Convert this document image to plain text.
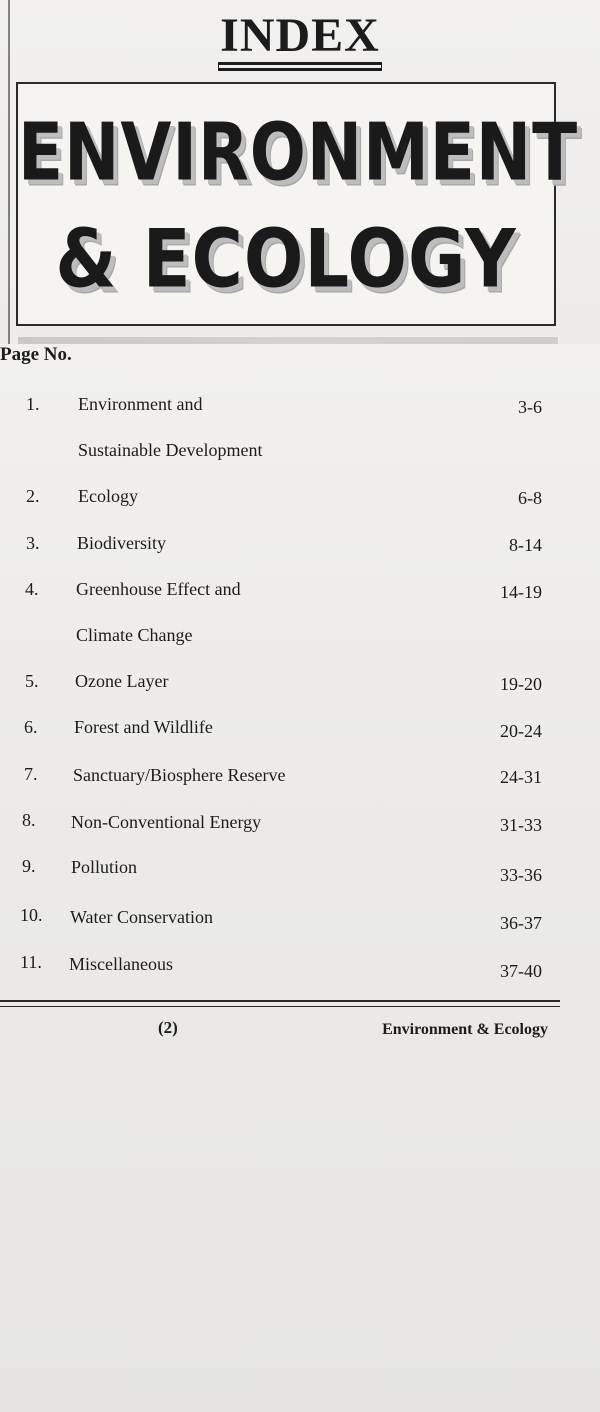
INDEX
ENVIRONMENT
& ECOLOGY
Page No.
1. Environment and
Sustainable Development
3-6
2. Ecology	6-8
3. Biodiversity	8-14
4. Greenhouse Effect and
Climate Change
14-19
5. Ozone Layer	19-20
6. Forest and Wildlife	20-24
7. Sanctuary/Biosphere Reserve	24-31
8. Non-Conventional Energy	31-33
9. Pollution	33-36
10. Water Conservation	36-37
11. Miscellaneous	37-40
(2)	Environment & Ecology
